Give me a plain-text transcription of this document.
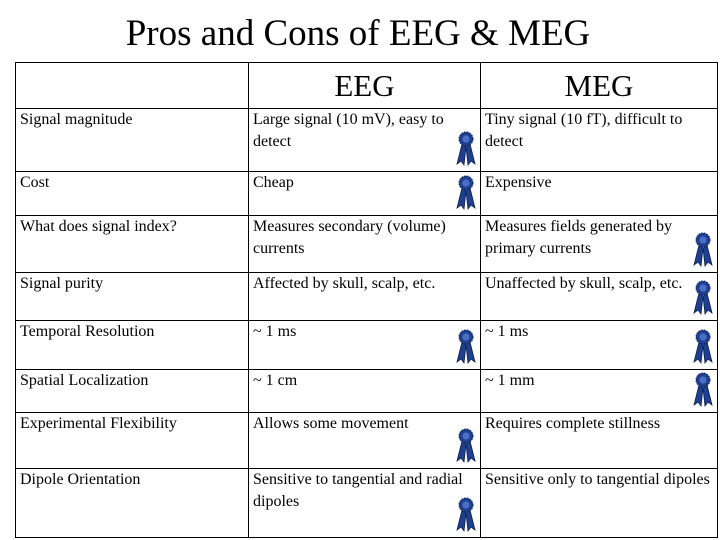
Pros and Cons of EEG & MEG
	EEG	MEG
Signal magnitude	Large signal (10 mV), easy to detect	Tiny signal (10 fT), difficult to detect
Cost	Cheap	Expensive
What does signal index?	Measures secondary (volume) currents	Measures fields generated by primary currents

Signal purity	Affected by skull, scalp, etc.	Unaffected by skull, scalp, etc.

Temporal Resolution	~ 1 ms	~ 1 ms

Spatial Localization	~ 1 cm	~ 1 mm

Experimental Flexibility	Allows some movement	Requires complete stillness
Dipole Orientation	Sensitive to tangential and radial dipoles	Sensitive only to tangential dipoles
